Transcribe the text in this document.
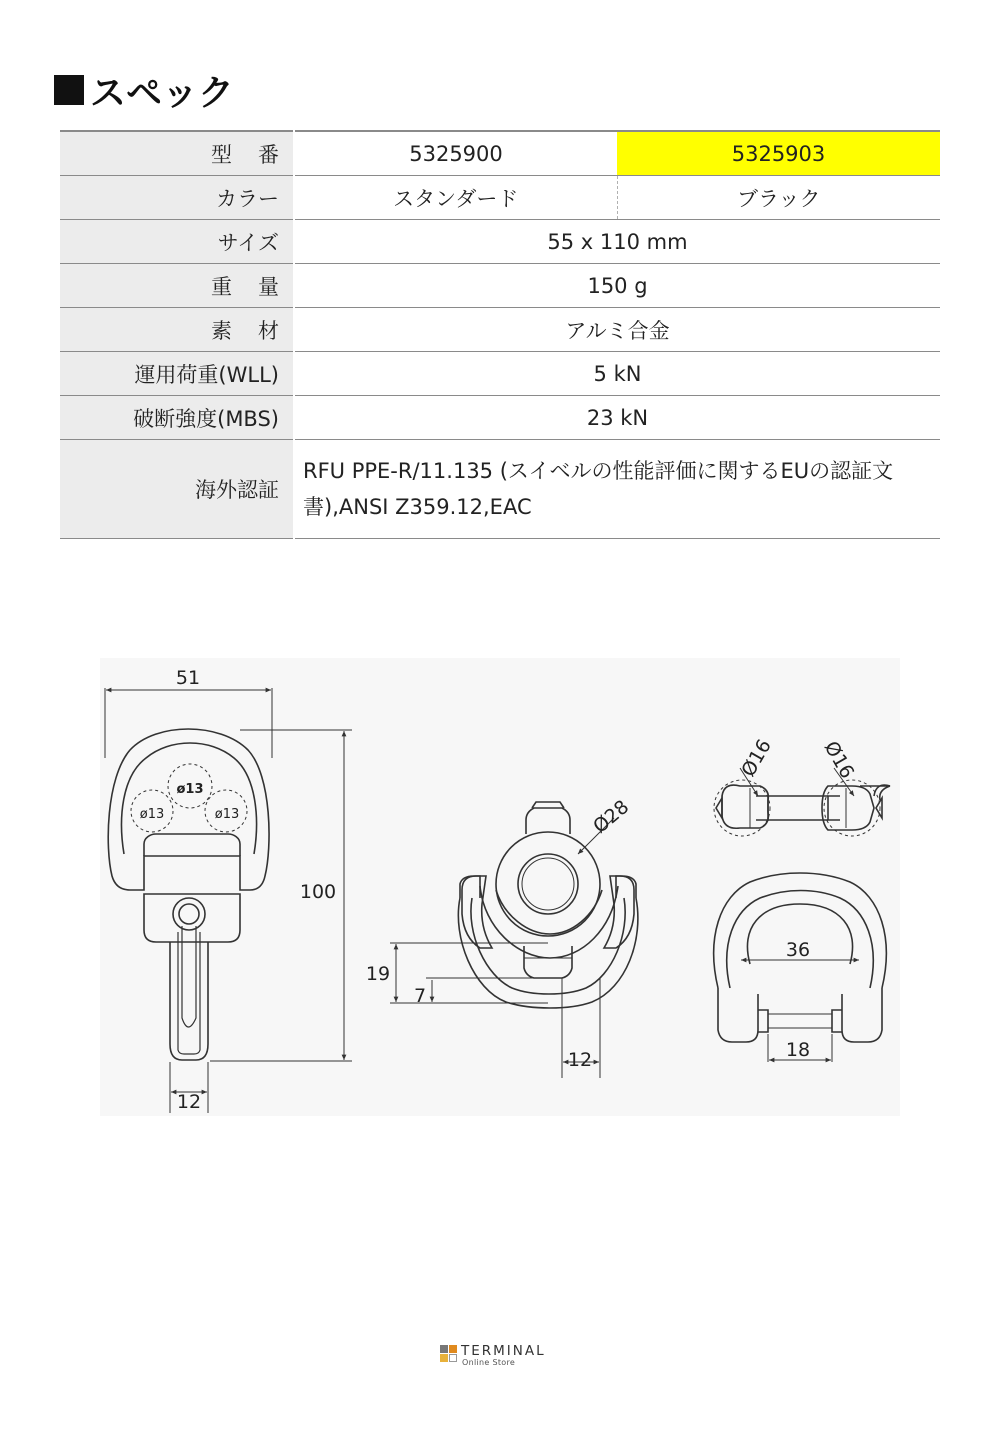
スペック
型番	5325900	5325903
カラー	スタンダード	ブラック
サイズ	55 x 110 mm	
重量	150 g	
素材	アルミ合金	
運用荷重(WLL)	5 kN	
破断強度(MBS)	23 kN	
海外認証	RFU PPE-R/11.135 (スイベルの性能評価に関するEUの認証文書),ANSI Z359.12,EAC	
51
100
12
ø13
ø13	ø13	Ø28
19
7
12
Ø16 Ø16
36
18
TERMINAL
Online Store
